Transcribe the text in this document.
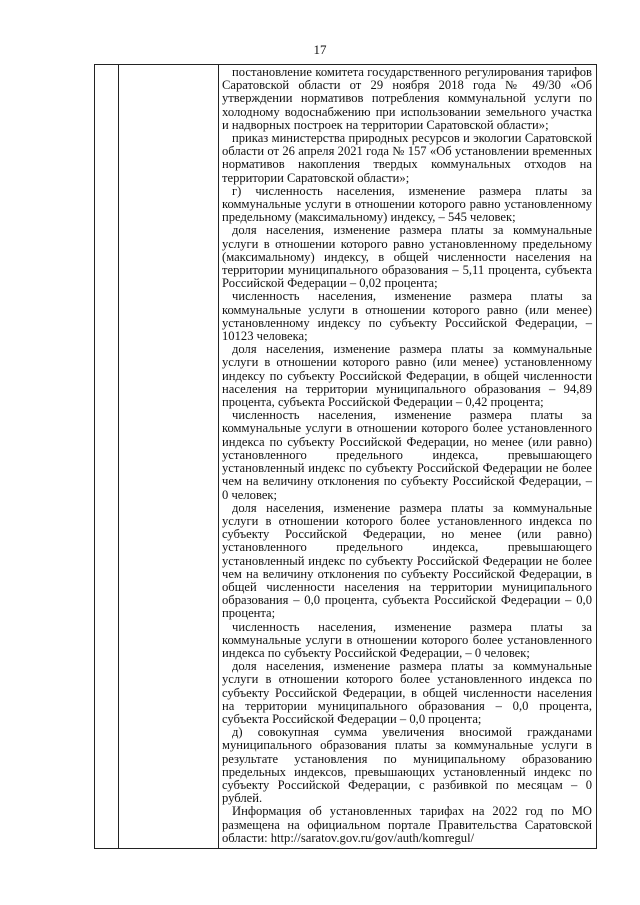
17

постановление комитета государственного регулирования тарифов Саратовской области от 29 ноября 2018 года № 49/30 «Об утверждении нормативов потребления коммунальной услуги по холодному водоснабжению при использовании земельного участка и надворных построек на территории Саратовской области»;

приказ министерства природных ресурсов и экологии Саратовской области от 26 апреля 2021 года № 157 «Об установлении временных нормативов накопления твердых коммунальных отходов на территории Саратовской области»;

г) численность населения, изменение размера платы за коммунальные услуги в отношении которого равно установленному предельному (максимальному) индексу, – 545 человек;

доля населения, изменение размера платы за коммунальные услуги в отношении которого равно установленному предельному (максимальному) индексу, в общей численности населения на территории муниципального образования – 5,11 процента, субъекта Российской Федерации – 0,02 процента;

численность населения, изменение размера платы за коммунальные услуги в отношении которого равно (или менее) установленному индексу по субъекту Российской Федерации, – 10123 человека;

доля населения, изменение размера платы за коммунальные услуги в отношении которого равно (или менее) установленному индексу по субъекту Российской Федерации, в общей численности населения на территории муниципального образования – 94,89 процента, субъекта Российской Федерации – 0,42 процента;

численность населения, изменение размера платы за коммунальные услуги в отношении которого более установленного индекса по субъекту Российской Федерации, но менее (или равно) установленного предельного индекса, превышающего установленный индекс по субъекту Российской Федерации не более чем на величину отклонения по субъекту Российской Федерации, – 0 человек;

доля населения, изменение размера платы за коммунальные услуги в отношении которого более установленного индекса по субъекту Российской Федерации, но менее (или равно) установленного предельного индекса, превышающего установленный индекс по субъекту Российской Федерации не более чем на величину отклонения по субъекту Российской Федерации, в общей численности населения на территории муниципального образования – 0,0 процента, субъекта Российской Федерации – 0,0 процента;

численность населения, изменение размера платы за коммунальные услуги в отношении которого более установленного индекса по субъекту Российской Федерации, – 0 человек;

доля населения, изменение размера платы за коммунальные услуги в отношении которого более установленного индекса по субъекту Российской Федерации, в общей численности населения на территории муниципального образования – 0,0 процента, субъекта Российской Федерации – 0,0 процента;

д) совокупная сумма увеличения вносимой гражданами муниципального образования платы за коммунальные услуги в результате установления по муниципальному образованию предельных индексов, превышающих установленный индекс по субъекту Российской Федерации, с разбивкой по месяцам – 0 рублей.

Информация об установленных тарифах на 2022 год по МО размещена на официальном портале Правительства Саратовской области: http://saratov.gov.ru/gov/auth/komregul/
